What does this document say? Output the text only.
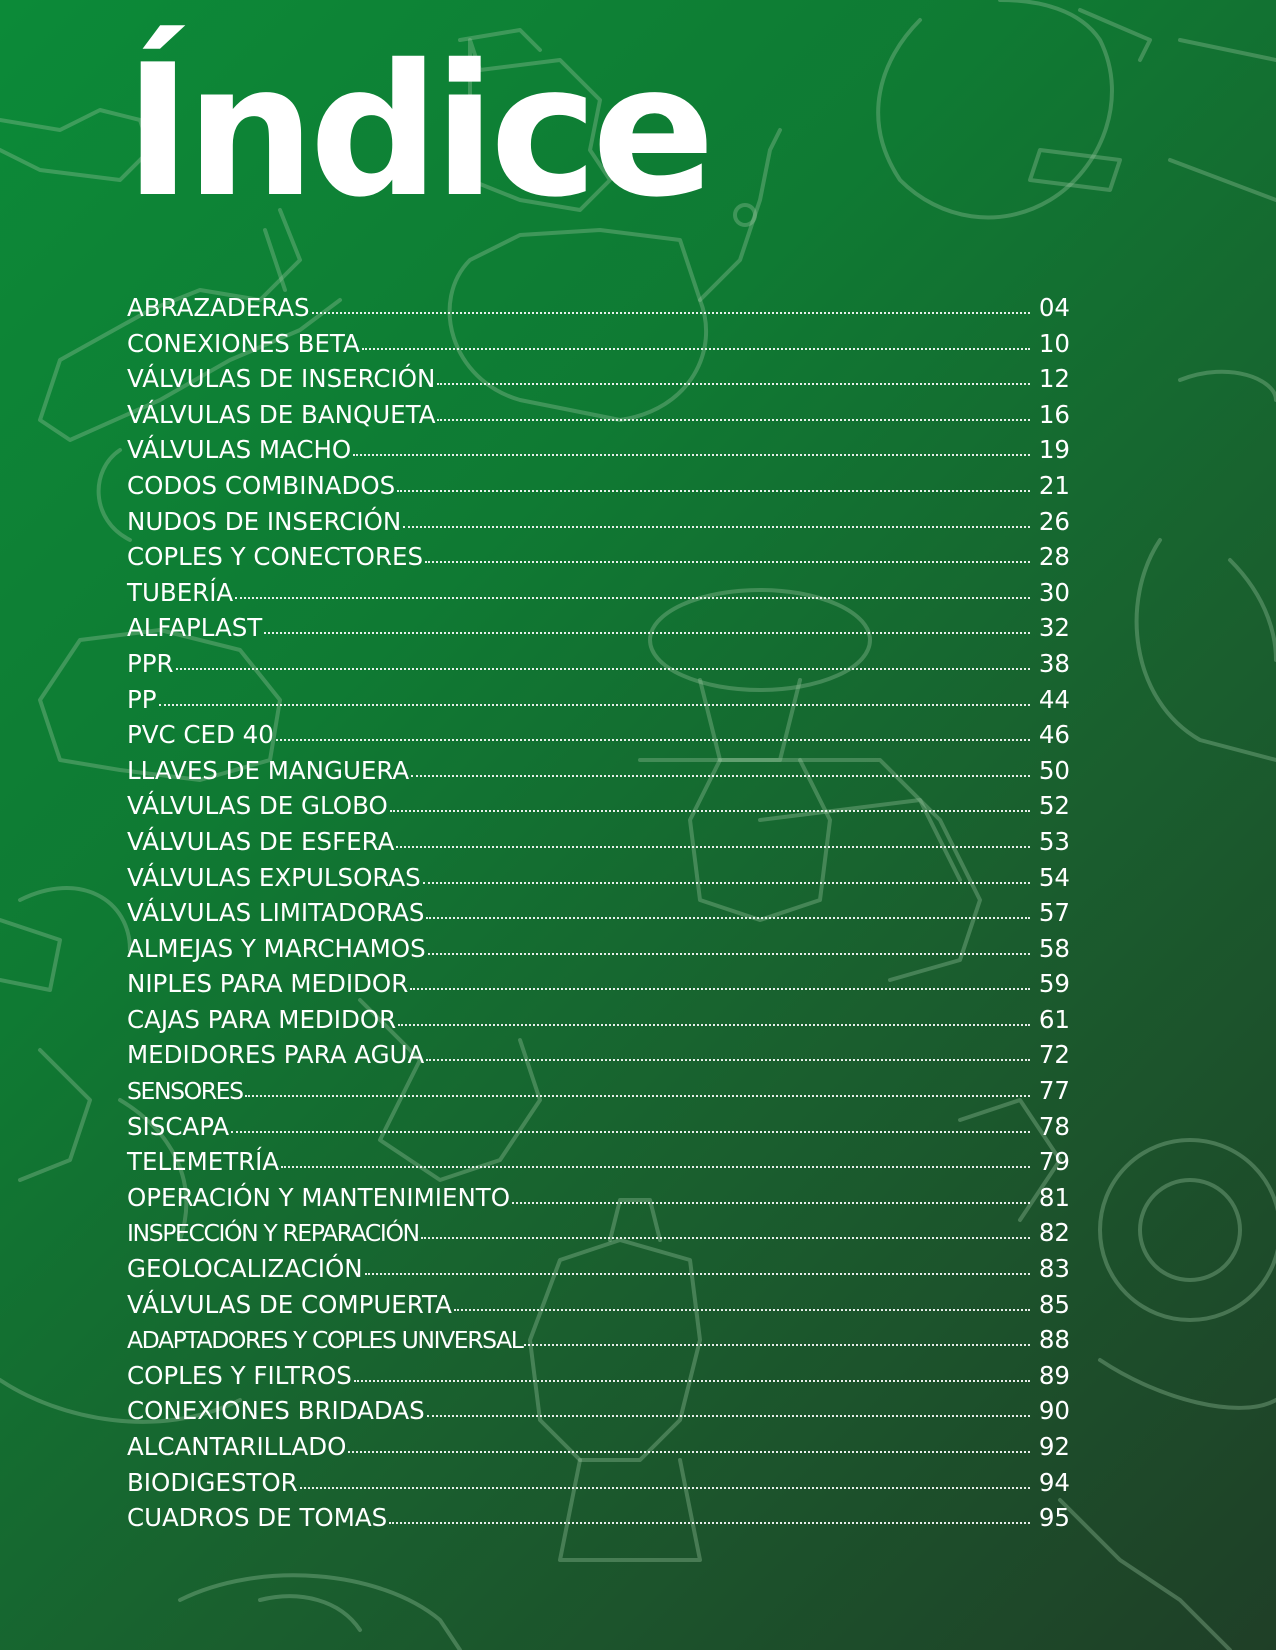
Índice
ABRAZADERAS	04
CONEXIONES BETA	10
VÁLVULAS DE INSERCIÓN	12
VÁLVULAS DE BANQUETA	16
VÁLVULAS MACHO	19
CODOS COMBINADOS	21
NUDOS DE INSERCIÓN	26
COPLES Y CONECTORES	28
TUBERÍA	30
ALFAPLAST	32
PPR	38
PP	44
PVC CED 40	46
LLAVES DE MANGUERA	50
VÁLVULAS DE GLOBO	52
VÁLVULAS DE ESFERA	53
VÁLVULAS EXPULSORAS	54
VÁLVULAS LIMITADORAS	57
ALMEJAS Y MARCHAMOS	58
NIPLES PARA MEDIDOR	59
CAJAS PARA MEDIDOR	61
MEDIDORES PARA AGUA	72
SENSORES	77
SISCAPA	78
TELEMETRÍA	79
OPERACIÓN Y MANTENIMIENTO	81
INSPECCIÓN Y REPARACIÓN	82
GEOLOCALIZACIÓN	83
VÁLVULAS DE COMPUERTA	85
ADAPTADORES Y COPLES UNIVERSAL	88
COPLES Y FILTROS	89
CONEXIONES BRIDADAS	90
ALCANTARILLADO	92
BIODIGESTOR	94
CUADROS DE TOMAS	95
